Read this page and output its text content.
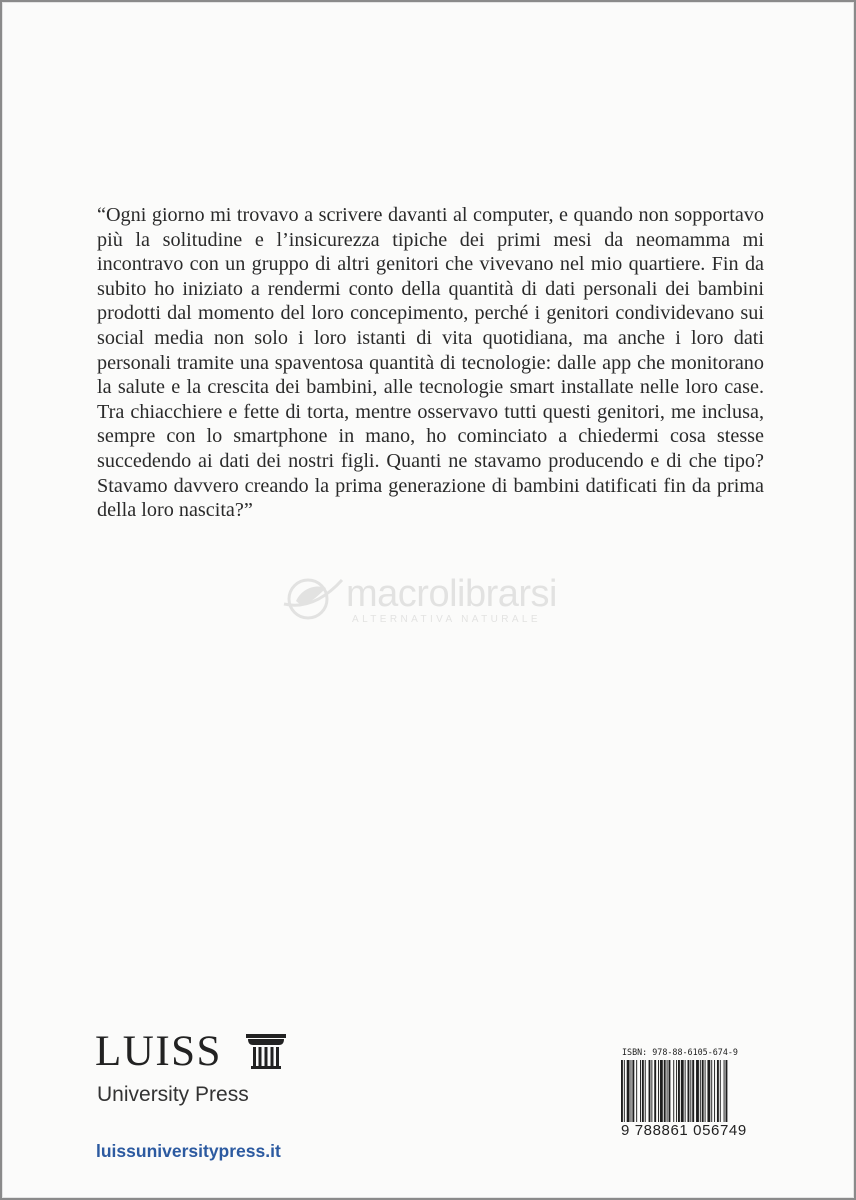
“Ogni giorno mi trovavo a scrivere davanti al computer, e quando non sopportavo più la solitudine e l’insicurezza tipiche dei primi mesi da neomamma mi incontravo con un gruppo di altri genitori che vivevano nel mio quartiere. Fin da subito ho iniziato a rendermi conto della quantità di dati personali dei bambini prodotti dal momento del loro concepimento, perché i genitori condividevano sui social media non solo i loro istanti di vita quotidiana, ma anche i loro dati personali tramite una spaventosa quantità di tecnologie: dalle app che monitorano la salute e la crescita dei bambini, alle tecnologie smart installate nelle loro case. Tra chiacchiere e fette di torta, mentre osservavo tutti questi genitori, me inclusa, sempre con lo smartphone in mano, ho cominciato a chiedermi cosa stesse succedendo ai dati dei nostri figli. Quanti ne stavamo producendo e di che tipo? Stavamo davvero creando la prima generazione di bambini datificati fin da prima della loro nascita?”

macrolibrarsi
ALTERNATIVA NATURALE
LUISS
University Press
luissuniversitypress.it
ISBN: 978-88-6105-674-9
9 788861 056749
